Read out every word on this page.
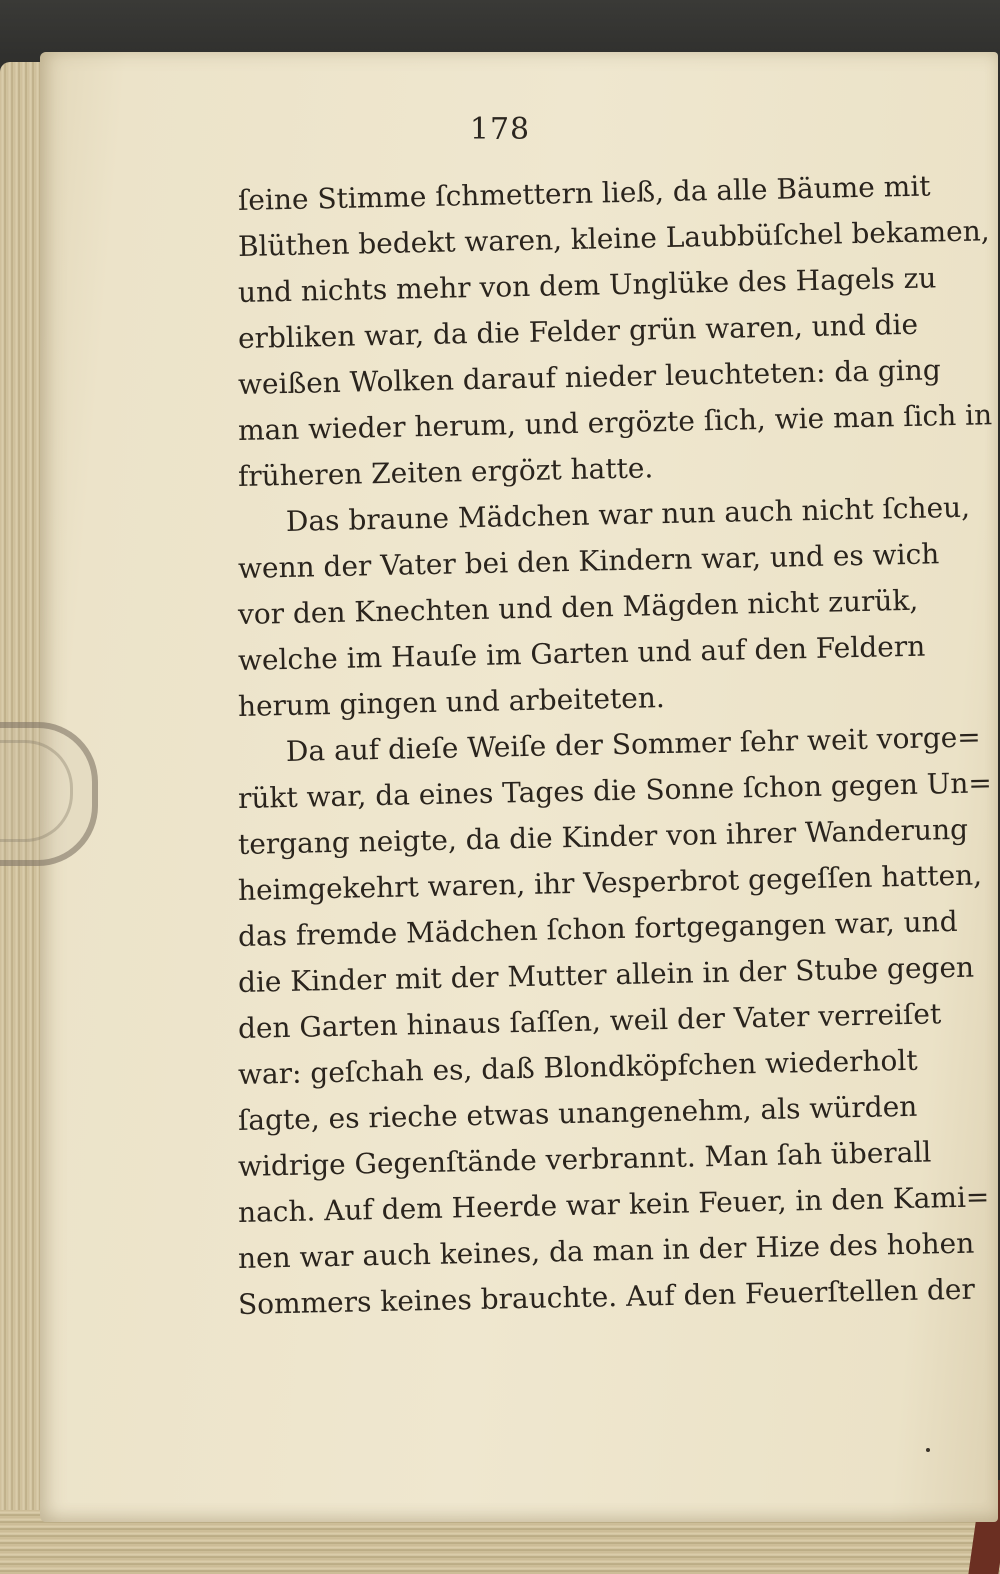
178
ſeine Stimme ſchmettern ließ, da alle Bäume mit
Blüthen bedekt waren, kleine Laubbüſchel bekamen,
und nichts mehr von dem Unglüke des Hagels zu
erbliken war, da die Felder grün waren, und die
weißen Wolken darauf nieder leuchteten: da ging
man wieder herum, und ergözte ſich, wie man ſich in
früheren Zeiten ergözt hatte.
Das braune Mädchen war nun auch nicht ſcheu,
wenn der Vater bei den Kindern war, und es wich
vor den Knechten und den Mägden nicht zurük,
welche im Hauſe im Garten und auf den Feldern
herum gingen und arbeiteten.
Da auf dieſe Weiſe der Sommer ſehr weit vorge=
rükt war, da eines Tages die Sonne ſchon gegen Un=
tergang neigte, da die Kinder von ihrer Wanderung
heimgekehrt waren, ihr Vesperbrot gegeſſen hatten,
das fremde Mädchen ſchon fortgegangen war, und
die Kinder mit der Mutter allein in der Stube gegen
den Garten hinaus ſaſſen, weil der Vater verreiſet
war: geſchah es, daß Blondköpfchen wiederholt
ſagte, es rieche etwas unangenehm, als würden
widrige Gegenſtände verbrannt. Man ſah überall
nach. Auf dem Heerde war kein Feuer, in den Kami=
nen war auch keines, da man in der Hize des hohen
Sommers keines brauchte. Auf den Feuerſtellen der
